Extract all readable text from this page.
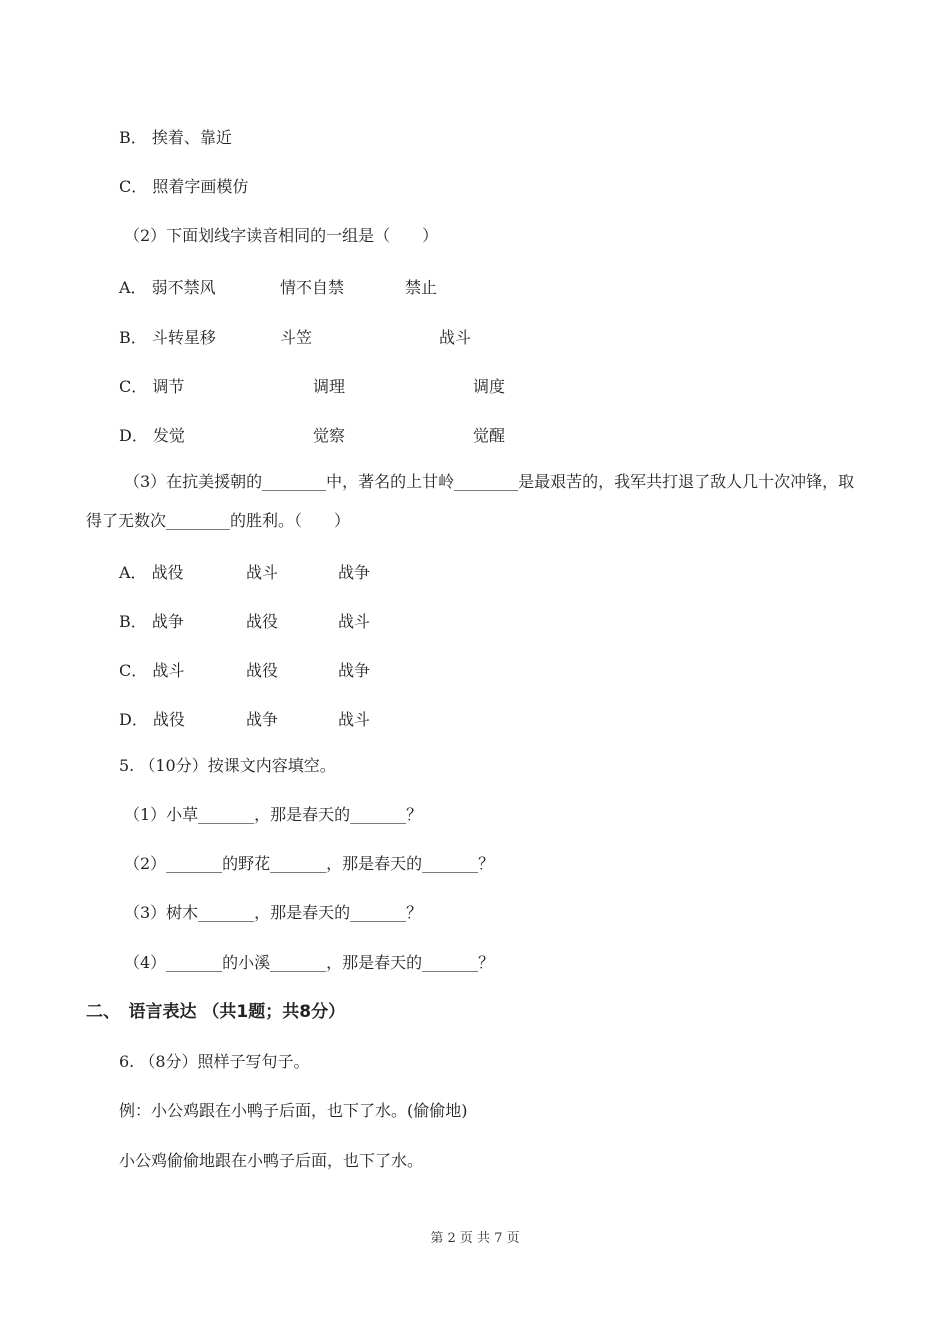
B． 挨着、靠近
C． 照着字画模仿
（2）下面划线字读音相同的一组是（　　）
A． 弱不禁风	情不自禁	禁止
B． 斗转星移	斗笠	战斗
C． 调节	调理	调度
D． 发觉	觉察	觉醒
（3）在抗美援朝的________中，著名的上甘岭________是最艰苦的，我军共打退了敌人几十次冲锋，取
得了无数次________的胜利。（　　）
A． 战役	战斗	战争
B． 战争	战役	战斗
C． 战斗	战役	战争
D． 战役	战争	战斗
5. （10分）按课文内容填空。
（1）小草_______，那是春天的_______？
（2）_______的野花_______，那是春天的_______？
（3）树木_______，那是春天的_______？
（4）_______的小溪_______，那是春天的_______？
二、　语言表达 （共1题；共8分）
6. （8分）照样子写句子。
例：小公鸡跟在小鸭子后面，也下了水。(偷偷地)
小公鸡偷偷地跟在小鸭子后面，也下了水。
第 2 页 共 7 页
